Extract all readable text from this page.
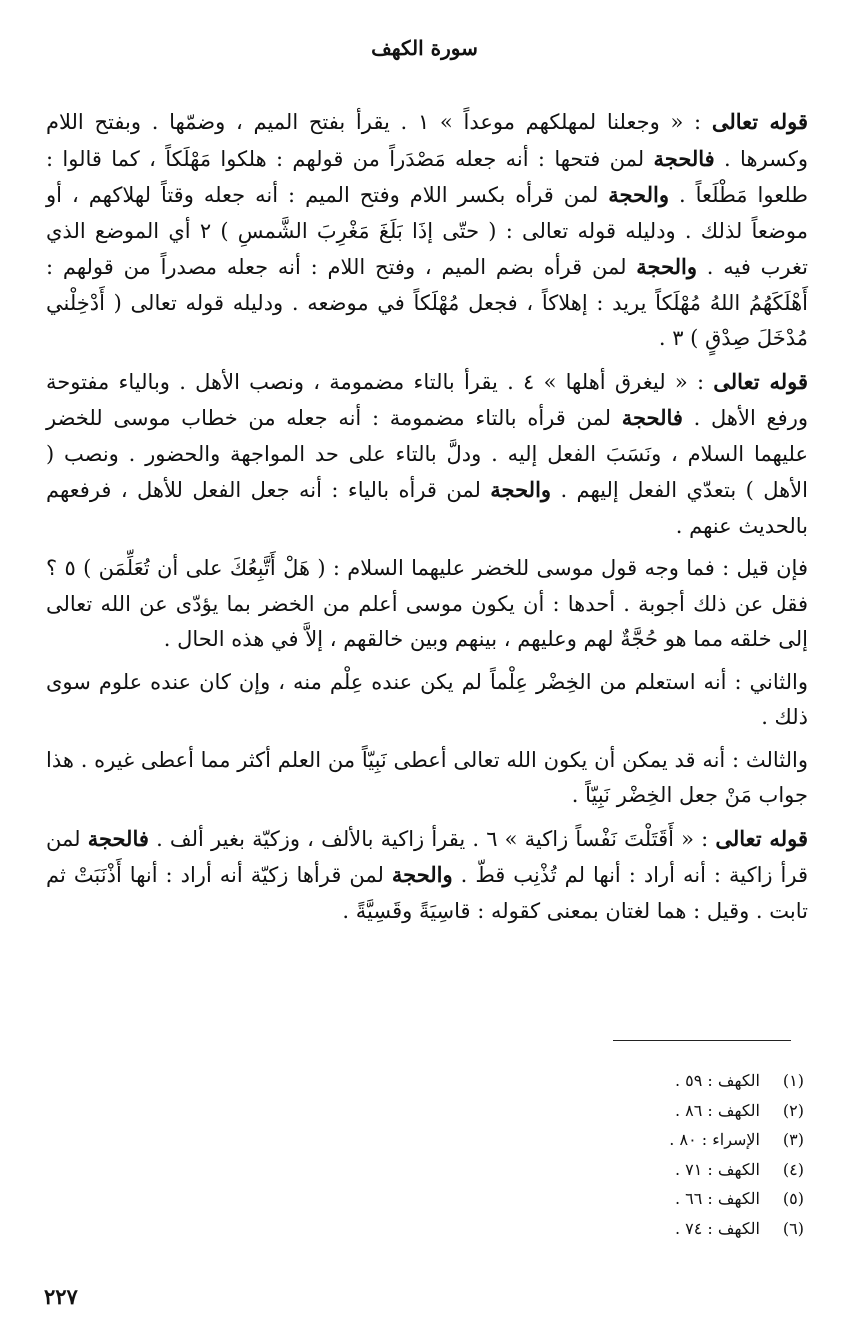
سورة الكهف

قوله تعالى : « وجعلنا لمهلكهم موعداً » ١ . يقرأ بفتح الميم ، وضمّها . وبفتح اللام وكسرها . فالحجة لمن فتحها : أنه جعله مَصْدَراً من قولهم : هلكوا مَهْلَكاً ، كما قالوا : طلعوا مَطْلَعاً . والحجة لمن قرأه بكسر اللام وفتح الميم : أنه جعله وقتاً لهلاكهم ، أو موضعاً لذلك . ودليله قوله تعالى : ( حتّى إذَا بَلَغَ مَغْرِبَ الشَّمسِ ) ٢ أي الموضع الذي تغرب فيه . والحجة لمن قرأه بضم الميم ، وفتح اللام : أنه جعله مصدراً من قولهم : أَهْلَكَهُمُ اللهُ مُهْلَكاً يريد : إهلاكاً ، فجعل مُهْلَكاً في موضعه . ودليله قوله تعالى ( أَدْخِلْني مُدْخَلَ صِدْقٍ ) ٣ .

قوله تعالى : « ليغرق أهلها » ٤ . يقرأ بالتاء مضمومة ، ونصب الأهل . وبالياء مفتوحة ورفع الأهل . فالحجة لمن قرأه بالتاء مضمومة : أنه جعله من خطاب موسى للخضر عليهما السلام ، ونَسَبَ الفعل إليه . ودلَّ بالتاء على حد المواجهة والحضور . ونصب ( الأهل ) بتعدّي الفعل إليهم . والحجة لمن قرأه بالياء : أنه جعل الفعل للأهل ، فرفعهم بالحديث عنهم .

فإن قيل : فما وجه قول موسى للخضر عليهما السلام : ( هَلْ أَتَّبِعُكَ على أن تُعَلِّمَن ) ٥ ؟ فقل عن ذلك أجوبة . أحدها : أن يكون موسى أعلم من الخضر بما يؤدّى عن الله تعالى إلى خلقه مما هو حُجَّةٌ لهم وعليهم ، بينهم وبين خالقهم ، إلاَّ في هذه الحال .

والثاني : أنه استعلم من الخِضْر عِلْماً لم يكن عنده عِلْم منه ، وإن كان عنده علوم سوى ذلك .

والثالث : أنه قد يمكن أن يكون الله تعالى أعطى نَبِيّاً من العلم أكثر مما أعطى غيره . هذا جواب مَنْ جعل الخِضْر نَبِيّاً .

قوله تعالى : « أَقَتَلْتَ نَفْساً زاكية » ٦ . يقرأ زاكية بالألف ، وزكيّة بغير ألف . فالحجة لمن قرأ زاكية : أنه أراد : أنها لم تُذْنِب قطّ . والحجة لمن قرأها زكيّة أنه أراد : أنها أَذْنَبَتْ ثم تابت . وقيل : هما لغتان بمعنى كقوله : قاسِيَةً وقَسِيَّةً .

(١)
الكهف : ٥٩ .
(٢)
الكهف : ٨٦ .
(٣)
الإسراء : ٨٠ .
(٤)
الكهف : ٧١ .
(٥)
الكهف : ٦٦ .
(٦)
الكهف : ٧٤ .
٢٢٧
